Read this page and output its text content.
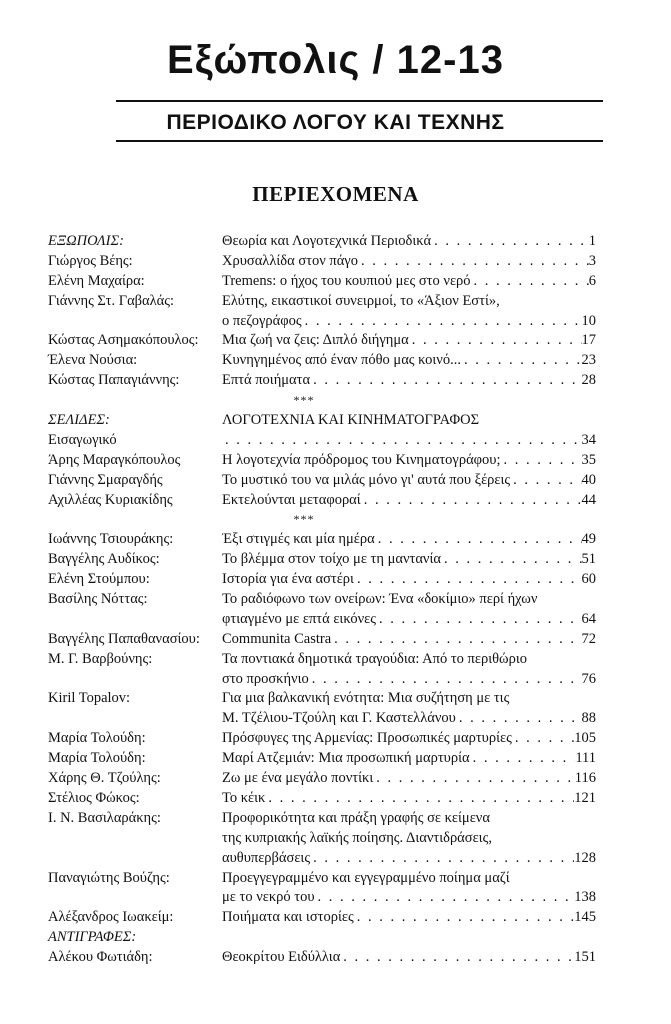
Εξώπολις / 12-13
ΠΕΡΙΟΔΙΚΟ ΛΟΓΟΥ ΚΑΙ ΤΕΧΝΗΣ
ΠΕΡΙΕΧΟΜΕΝΑ
ΕΞΩΠΟΛΙΣ:	Θεωρία και Λογοτεχνικά Περιοδικά . . .	1
Γιώργος Βέης:	Χρυσαλλίδα στον πάγο . . .	3
Ελένη Μαχαίρα:	Tremens: ο ήχος του κουπιού μες στο νερό . . .	6
Γιάννης Στ. Γαβαλάς:	Ελύτης, εικαστικοί συνειρμοί, το «Άξιον Εστί»,
ο πεζογράφος . . .	10
Κώστας Ασημακόπουλος: Μια ζωή να ζεις: Διπλό διήγημα . . .	17
Έλενα Νούσια:	Κυνηγημένος από έναν πόθο μας κοινό... . . .	23
Κώστας Παπαγιάννης:	Επτά ποιήματα . . .	28
***
ΣΕΛΙΔΕΣ:	ΛΟΓΟΤΕΧΝΙΑ ΚΑΙ ΚΙΝΗΜΑΤΟΓΡΑΦΟΣ
Εισαγωγικό . . .	34
Άρης Μαραγκόπουλος	Η λογοτεχνία πρόδρομος του Κινηματογράφου; . . .	35
Γιάννης Σμαραγδής	Το μυστικό του να μιλάς μόνο γι' αυτά που ξέρεις . . .	40
Αχιλλέας Κυριακίδης	Εκτελούνται μεταφοραί . . .	44
***
Ιωάννης Τσιουράκης:	Έξι στιγμές και μία ημέρα . . .	49
Βαγγέλης Αυδίκος:	Το βλέμμα στον τοίχο με τη μαντανία . . .	51
Ελένη Στούμπου:	Ιστορία για ένα αστέρι . . .	60
Βασίλης Νόττας:	Το ραδιόφωνο των ονείρων: Ένα «δοκίμιο» περί ήχων
φτιαγμένο με επτά εικόνες . . .	64
Βαγγέλης Παπαθανασίου: Communita Castra . . .	72
Μ. Γ. Βαρβούνης:	Τα ποντιακά δημοτικά τραγούδια: Από το περιθώριο
στο προσκήνιο . . .	76
Kiril Topalov:	Για μια βαλκανική ενότητα: Μια συζήτηση με τις
Μ. Τζέλιου-Τζούλη και Γ. Καστελλάνου . . .	88
Μαρία Τολούδη:	Πρόσφυγες της Αρμενίας: Προσωπικές μαρτυρίες . . .	105
Μαρία Τολούδη:	Μαρί Ατζεμιάν: Μια προσωπική μαρτυρία . . .	111
Χάρης Θ. Τζούλης:	Ζω με ένα μεγάλο ποντίκι . . .	116
Στέλιος Φώκος:	Το κέικ . . .	121
Ι. Ν. Βασιλαράκης:	Προφορικότητα και πράξη γραφής σε κείμενα
της κυπριακής λαϊκής ποίησης. Διαντιδράσεις,
αυθυπερβάσεις . . .	128
Παναγιώτης Βούζης:	Προεγγεγραμμένο και εγγεγραμμένο ποίημα μαζί
με το νεκρό του . . .	138
Αλέξανδρος Ιωακείμ:	Ποιήματα και ιστορίες . . .	145
ΑΝΤΙΓΡΑΦΕΣ:
Αλέκου Φωτιάδη:	Θεοκρίτου Ειδύλλια . . .	151
